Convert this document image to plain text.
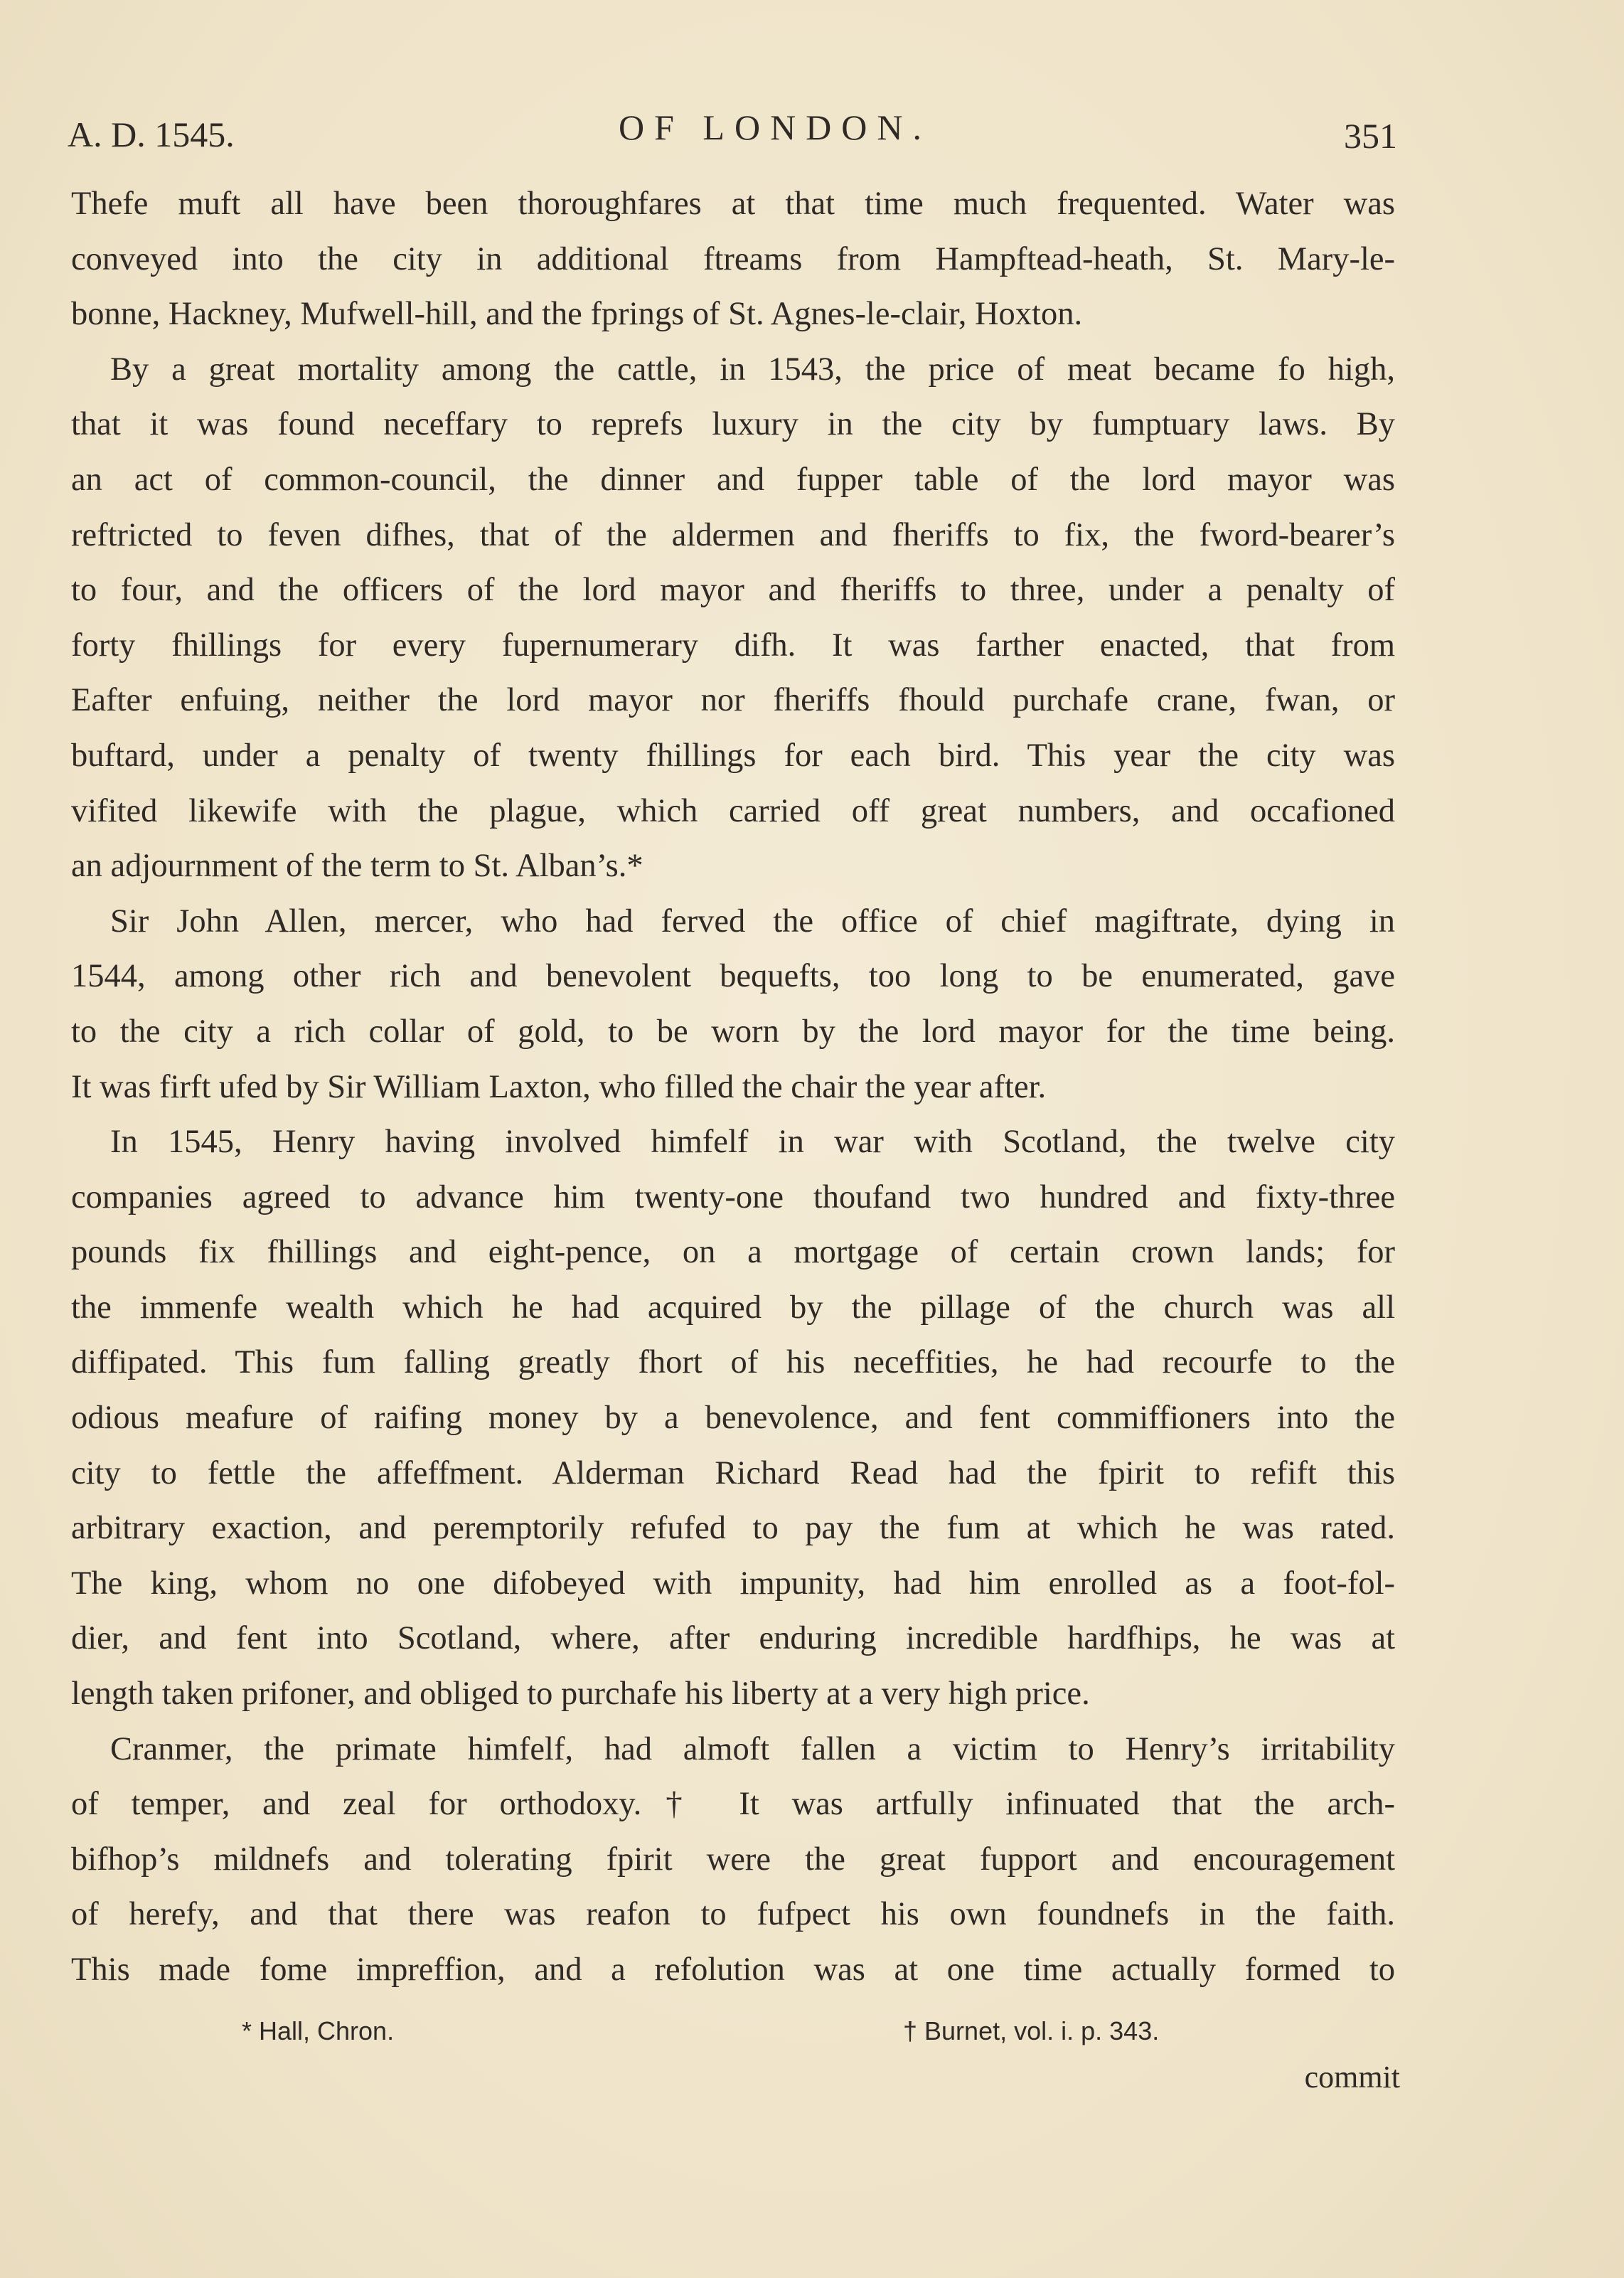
A. D. 1545.	OF LONDON.	351
Thefe muft all have been thoroughfares at that time much frequented. Water was
conveyed into the city in additional ftreams from Hampftead-heath, St. Mary-le-
bonne, Hackney, Mufwell-hill, and the fprings of St. Agnes-le-clair, Hoxton.
By a great mortality among the cattle, in 1543, the price of meat became fo high,
that it was found neceffary to reprefs luxury in the city by fumptuary laws. By
an act of common-council, the dinner and fupper table of the lord mayor was
reftricted to feven difhes, that of the aldermen and fheriffs to fix, the fword-bearer’s
to four, and the officers of the lord mayor and fheriffs to three, under a penalty of
forty fhillings for every fupernumerary difh. It was farther enacted, that from
Eafter enfuing, neither the lord mayor nor fheriffs fhould purchafe crane, fwan, or
buftard, under a penalty of twenty fhillings for each bird. This year the city was
vifited likewife with the plague, which carried off great numbers, and occafioned
an adjournment of the term to St. Alban’s.*
Sir John Allen, mercer, who had ferved the office of chief magiftrate, dying in
1544, among other rich and benevolent bequefts, too long to be enumerated, gave
to the city a rich collar of gold, to be worn by the lord mayor for the time being.
It was firft ufed by Sir William Laxton, who filled the chair the year after.
In 1545, Henry having involved himfelf in war with Scotland, the twelve city
companies agreed to advance him twenty-one thoufand two hundred and fixty-three
pounds fix fhillings and eight-pence, on a mortgage of certain crown lands; for
the immenfe wealth which he had acquired by the pillage of the church was all
diffipated. This fum falling greatly fhort of his neceffities, he had recourfe to the
odious meafure of raifing money by a benevolence, and fent commiffioners into the
city to fettle the affeffment. Alderman Richard Read had the fpirit to refift this
arbitrary exaction, and peremptorily refufed to pay the fum at which he was rated.
The king, whom no one difobeyed with impunity, had him enrolled as a foot-fol-
dier, and fent into Scotland, where, after enduring incredible hardfhips, he was at
length taken prifoner, and obliged to purchafe his liberty at a very high price.
Cranmer, the primate himfelf, had almoft fallen a victim to Henry’s irritability
of temper, and zeal for orthodoxy.† It was artfully infinuated that the arch-
bifhop’s mildnefs and tolerating fpirit were the great fupport and encouragement
of herefy, and that there was reafon to fufpect his own foundnefs in the faith.
This made fome impreffion, and a refolution was at one time actually formed to
* Hall, Chron.	† Burnet, vol. i. p. 343.
commit
